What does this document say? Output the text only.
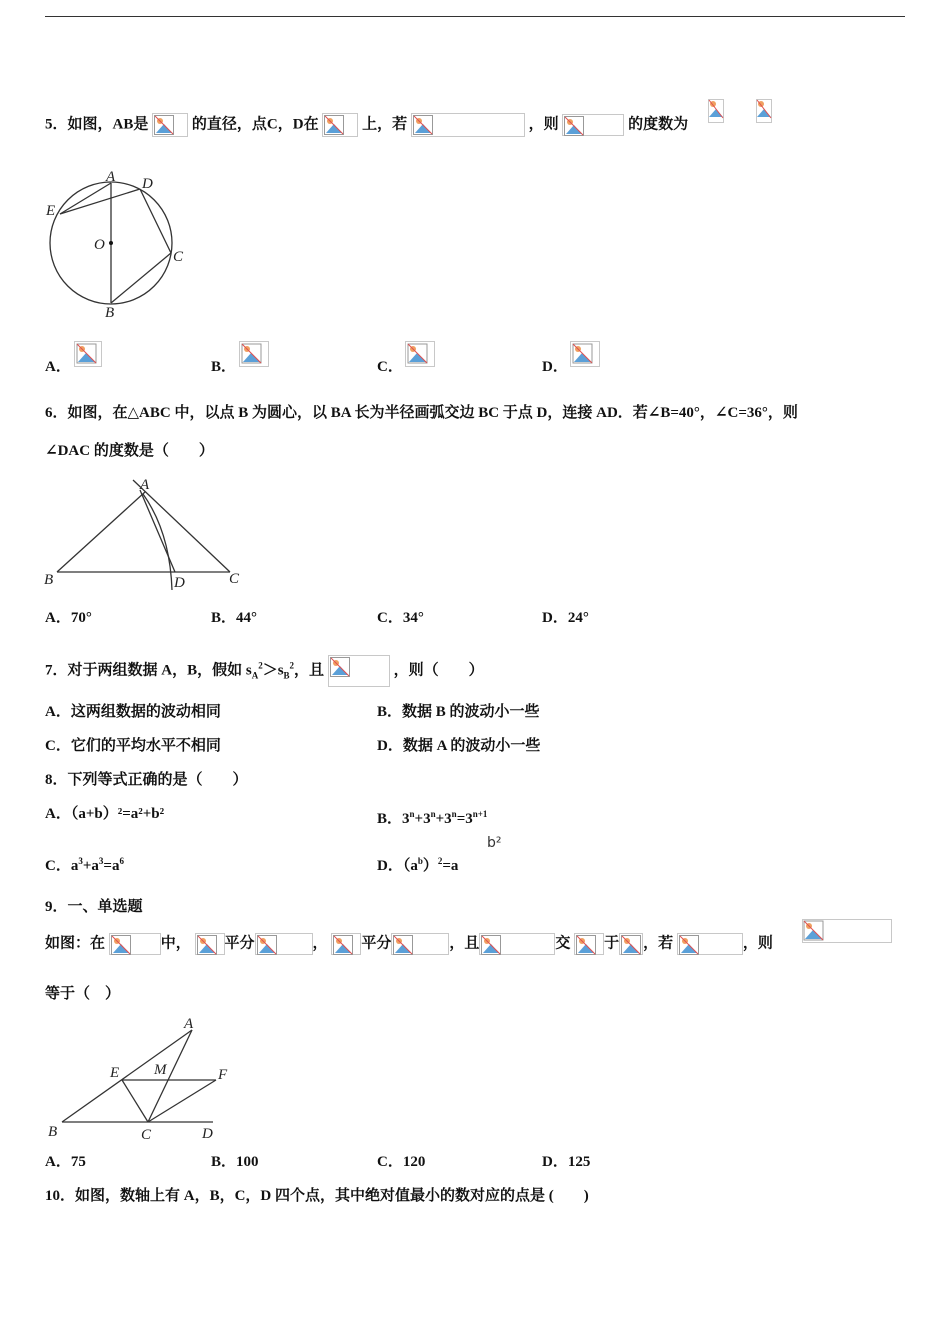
5．如图，AB是	的直径，点C，D在	上，若	，则	的度数为
A D
E
O
C
B
A．	B．	C．	D．
6．如图，在△ABC 中，以点 B 为圆心，以 BA 长为半径画弧交边 BC 于点 D，连接 AD．若∠B=40°，∠C=36°，则
∠DAC 的度数是（　　）
A
B	D	C
A．70°	B．44°	C．34°	D．24°
7．对于两组数据 A，B，假如 $s_A^2>s_B^2$，且	，则（　　）
A．这两组数据的波动相同	B．数据 B 的波动小一些
C．它们的平均水平不相同	D．数据 A 的波动小一些
8．下列等式正确的是（　　）
A．（a+b）²=a²+b²	B．$3^n+3^n+3^n=3^{n+1}$
C．$a^3+a^3=a^6$	D．$(a^b)^2=a$
b²
9．一、单选题
如图：在	中， 平分	， 平分	，且	交 于 ，若	，则
等于（　）
A
E M	F
B	C	D
A．75	B．100	C．120	D．125
10．如图，数轴上有 A，B，C，D 四个点，其中绝对值最小的数对应的点是 (　　)
